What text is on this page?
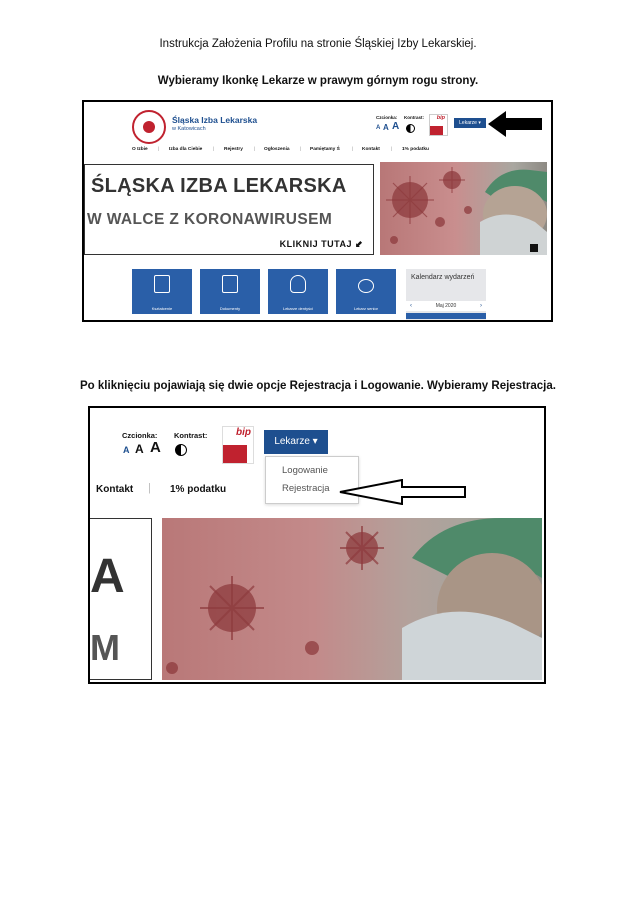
Instrukcja Założenia Profilu na stronie Śląskiej Izby Lekarskiej.
Wybieramy Ikonkę Lekarze w prawym górnym rogu strony.
Śląska Izba Lekarska
w Katowicach
Czcionka:
A A A
Kontrast: bip
Lekarze ▾
O Izbie | Izba dla Ciebie | Rejestry | Ogłoszenia | Pamiętamy Ś	| Kontakt | 1% podatku
ŚLĄSKA IZBA LEKARSKA
W WALCE Z KORONAWIRUSEM
KLIKNIJ TUTAJ ⬋
Kształcenie	Dokumenty	Lekarze dentyści	Lekarz senior
Kalendarz wydarzeń
Maj 2020
‹	›
Po kliknięciu pojawiają się dwie opcje Rejestracja i Logowanie. Wybieramy Rejestracja.
Czcionka:
A A A
Kontrast:	bip
Lekarze ▾
Logowanie
Rejestracja
Kontakt | 1% podatku
A
M
